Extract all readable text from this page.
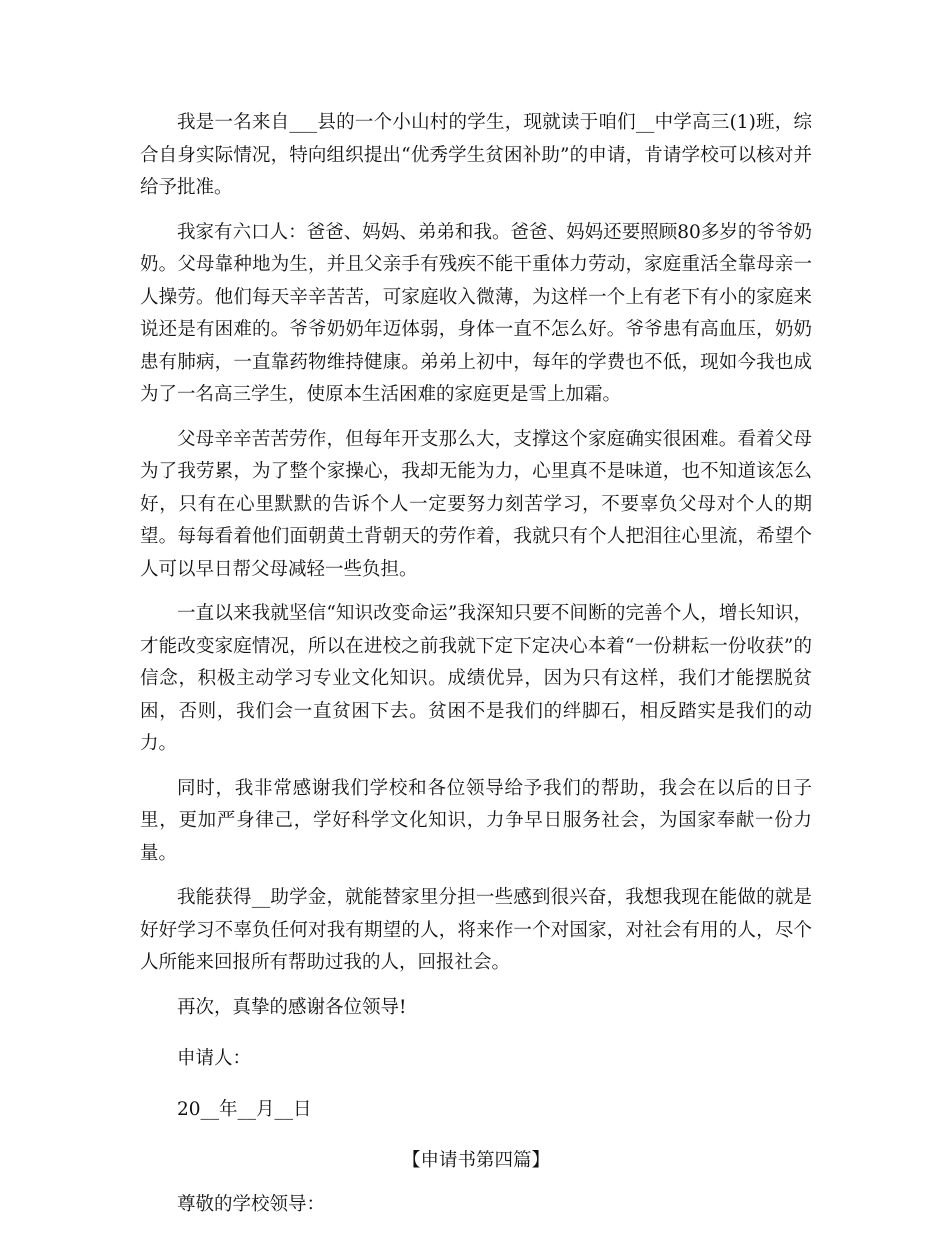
我是一名来自___县的一个小山村的学生，现就读于咱们__中学高三(1)班，综合自身实际情况，特向组织提出“优秀学生贫困补助”的申请，肯请学校可以核对并给予批准。

我家有六口人：爸爸、妈妈、弟弟和我。爸爸、妈妈还要照顾80多岁的爷爷奶奶。父母靠种地为生，并且父亲手有残疾不能干重体力劳动，家庭重活全靠母亲一人操劳。他们每天辛辛苦苦，可家庭收入微薄，为这样一个上有老下有小的家庭来说还是有困难的。爷爷奶奶年迈体弱，身体一直不怎么好。爷爷患有高血压，奶奶患有肺病，一直靠药物维持健康。弟弟上初中，每年的学费也不低，现如今我也成为了一名高三学生，使原本生活困难的家庭更是雪上加霜。

父母辛辛苦苦劳作，但每年开支那么大，支撑这个家庭确实很困难。看着父母为了我劳累，为了整个家操心，我却无能为力，心里真不是味道，也不知道该怎么好，只有在心里默默的告诉个人一定要努力刻苦学习，不要辜负父母对个人的期望。每每看着他们面朝黄土背朝天的劳作着，我就只有个人把泪往心里流，希望个人可以早日帮父母减轻一些负担。

一直以来我就坚信“知识改变命运”我深知只要不间断的完善个人，增长知识，才能改变家庭情况，所以在进校之前我就下定下定决心本着“一份耕耘一份收获”的信念，积极主动学习专业文化知识。成绩优异，因为只有这样，我们才能摆脱贫困，否则，我们会一直贫困下去。贫困不是我们的绊脚石，相反踏实是我们的动力。

同时，我非常感谢我们学校和各位领导给予我们的帮助，我会在以后的日子里，更加严身律己，学好科学文化知识，力争早日服务社会，为国家奉献一份力量。

我能获得__助学金，就能替家里分担一些感到很兴奋，我想我现在能做的就是好好学习不辜负任何对我有期望的人，将来作一个对国家，对社会有用的人，尽个人所能来回报所有帮助过我的人，回报社会。

再次，真挚的感谢各位领导!

申请人：

20__年__月__日

【申请书第四篇】

尊敬的学校领导：
